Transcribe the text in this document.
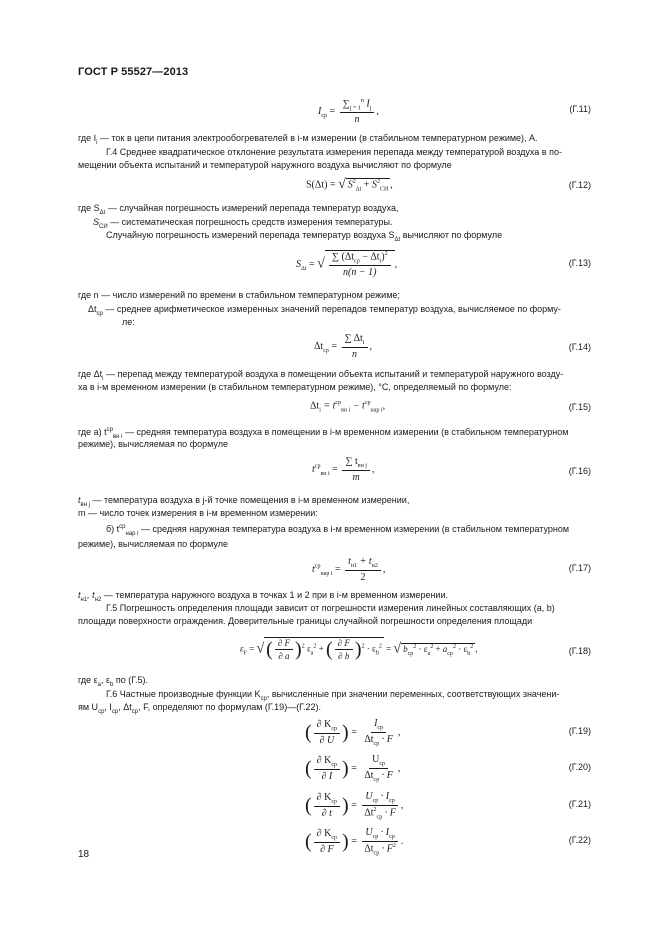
ГОСТ Р 55527—2013
$I_{ср} = \frac{\sum_{j = 1}^n I_j}{n}$ ,	(Г.11)
где $I_i$ — ток в цепи питания электрообогревателей в i-м измерении (в стабильном температурном режиме), А.
Г.4 Среднее квадратическое отклонение результата измерения перепада между температурой воздуха в по-
мещении объекта испытаний и температурой наружного воздуха вычисляют по формуле
S(Δt) = √ $S^2_{\Delta t} + S^2_{СИ}$ ,	(Г.12)
где $S_{\Delta t}$ — случайная погрешность измерений перепада температур воздуха,
$S_{СИ}$ — систематическая погрешность средств измерения температуры.
Случайную погрешность измерений перепада температур воздуха $S_{\Delta t}$ вычисляют по формуле
$S_{\Delta t}$ = √ $\frac{\sum (\Delta t_{ср} - \Delta t_i)^2}{n(n - 1)}$ ,	(Г.13)
где n — число измерений по времени в стабильном температурном режиме;
$\Delta t_{ср}$ — среднее арифметическое измеренных значений перепадов температур воздуха, вычисляемое по форму-
ле:
$\Delta t_{ср} = \frac{\sum \Delta t_i}{n}$ ,	(Г.14)
где $\Delta t_i$ — перепад между температурой воздуха в помещении объекта испытаний и температурой наружного возду-
ха в i-м временном измерении (в стабильном температурном режиме), °С, определяемый по формуле:
$\Delta t_i = t^{ср}_{вн i} - t^{ср}_{нар i}$,	(Г.15)
где а) $t^{ср}_{вн i}$ — средняя температура воздуха в помещении в i-м временном измерении (в стабильном температурном
режиме), вычисляемая по формуле
$t^{ср}_{вн i} = \frac{\sum t_{вн j}}{m}$ ,	(Г.16)
$t_{вн j}$ — температура воздуха в j-й точке помещения в i-м временном измерении,
m — число точек измерения в i-м временном измерении:
б) $t^{ср}_{нар i}$ — средняя наружная температура воздуха в i-м временном измерении (в стабильном температурном
режиме), вычисляемая по формуле
$t^{ср}_{нар i} = \frac{t_{н1} + t_{н2}}{2}$ ,	(Г.17)
$t_{н1}$, $t_{н2}$ — температура наружного воздуха в точках 1 и 2 при в i-м временном измерении.
Г.5 Погрешность определения площади зависит от погрешности измерения линейных составляющих (a, b)
площади поверхности ограждения. Доверительные границы случайной погрешности определения площади
$\varepsilon_F$ = √ ( $\frac{\partial F}{\partial a} )^2$ $\varepsilon_a^2$ + ( $\frac{\partial F}{\partial b} )^2 \cdot \varepsilon_b^2$ = √ $b_{ср}^2 \cdot \varepsilon_a^2 + a_{ср}^2 \cdot \varepsilon_b^2$ ,	(Г.18)
где $\varepsilon_a$, $\varepsilon_b$ по (Г.5).
Г.6 Частные производные функции $K_{ср}$, вычисленные при значении переменных, соответствующих значени-
ям $U_{ср}$, $I_{ср}$, $\Delta t_{ср}$, F, определяют по формулам (Г.19)—(Г.22).
( $\frac{\partial K_{ср}}{\partial U}$ ) = $\frac{I_{ср}}{\Delta t_{ср} \cdot F}$ ,	(Г.19)
( $\frac{\partial K_{ср}}{\partial I}$ ) = $\frac{U_{ср}}{\Delta t_{ср} \cdot F}$ ,	(Г.20)
( $\frac{\partial K_{ср}}{\partial t}$ ) = $\frac{U_{ср} \cdot I_{ср}}{\Delta t^2_{ср} \cdot F}$ ,	(Г.21)
( $\frac{\partial K_{ср}}{\partial F}$ ) = $\frac{U_{ср} \cdot I_{ср}}{\Delta t_{ср} \cdot F^2}$ .	(Г.22)
18
